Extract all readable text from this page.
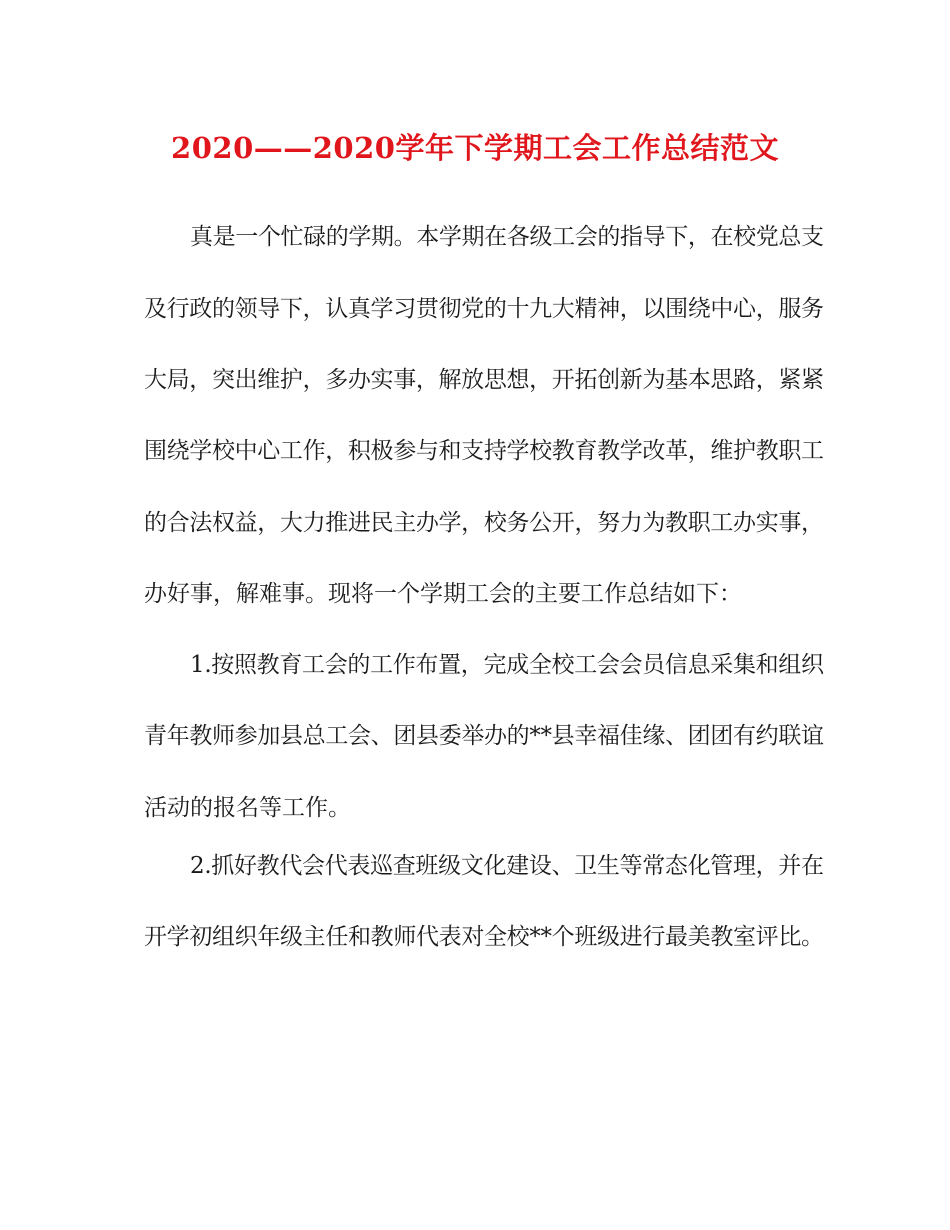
2020——2020学年下学期工会工作总结范文
真是一个忙碌的学期。本学期在各级工会的指导下，在校党总支
及行政的领导下，认真学习贯彻党的十九大精神，以围绕中心，服务
大局，突出维护，多办实事，解放思想，开拓创新为基本思路，紧紧
围绕学校中心工作，积极参与和支持学校教育教学改革，维护教职工
的合法权益，大力推进民主办学，校务公开，努力为教职工办实事，
办好事，解难事。现将一个学期工会的主要工作总结如下：
1.按照教育工会的工作布置，完成全校工会会员信息采集和组织
青年教师参加县总工会、团县委举办的**县幸福佳缘、团团有约联谊
活动的报名等工作。
2.抓好教代会代表巡查班级文化建设、卫生等常态化管理，并在
开学初组织年级主任和教师代表对全校**个班级进行最美教室评比。
